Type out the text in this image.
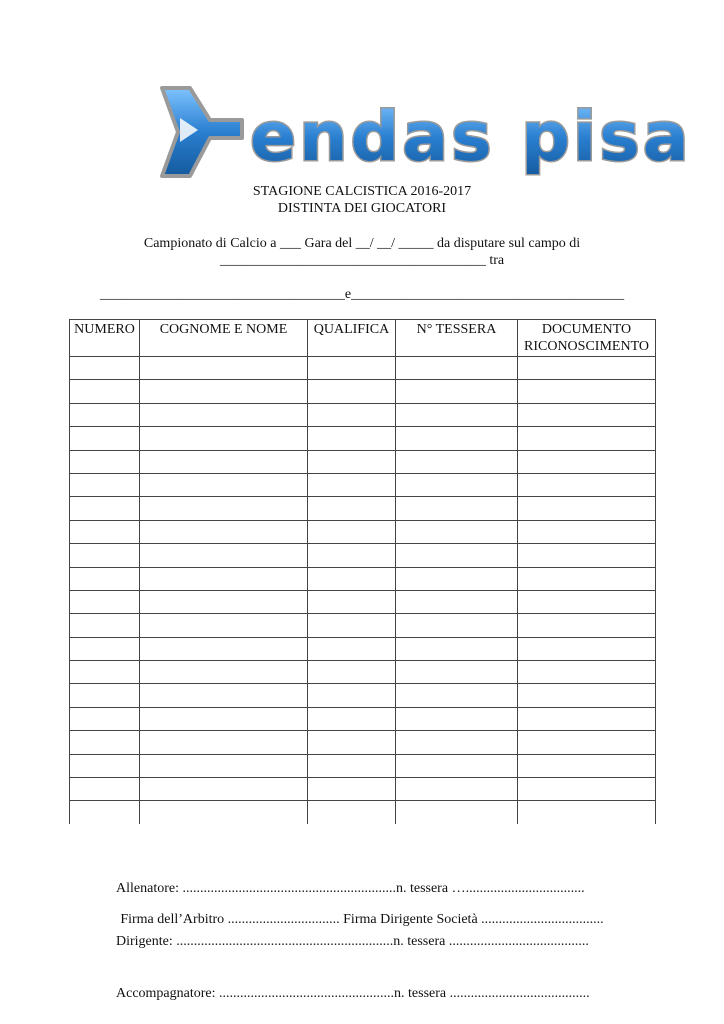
endas pisa
STAGIONE CALCISTICA 2016-2017
DISTINTA DEI GIOCATORI
Campionato di Calcio a ___ Gara del __/ __/ _____ da disputare sul campo di
______________________________________ tra
___________________________________e_______________________________________
NUMERO	COGNOME E NOME	QUALIFICA	N° TESSERA	DOCUMENTO RICONOSCIMENTO

Allenatore: .............................................................n. tessera …..................................

Dirigente: ..............................................................n. tessera ........................................

Accompagnatore: ..................................................n. tessera ........................................

Firma dell’Arbitro ................................ Firma Dirigente Società ...................................
